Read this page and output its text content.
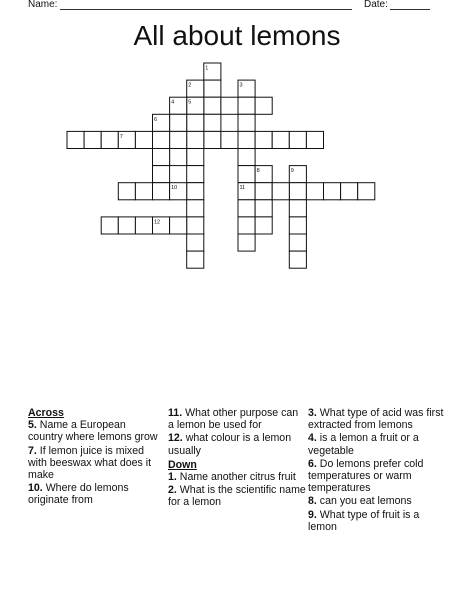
Name:	Date:
All about lemons
1
2	3
4	5
6
7
8	9
10	11
12
Across
5. Name a European country where lemons grow
7. If lemon juice is mixed with beeswax what does it make
10. Where do lemons originate from
11. What other purpose can a lemon be used for
12. what colour is a lemon usually
Down
1. Name another citrus fruit
2. What is the scientific name for a lemon
3. What type of acid was first extracted from lemons
4. is a lemon a fruit or a vegetable
6. Do lemons prefer cold temperatures or warm temperatures
8. can you eat lemons
9. What type of fruit is a lemon
